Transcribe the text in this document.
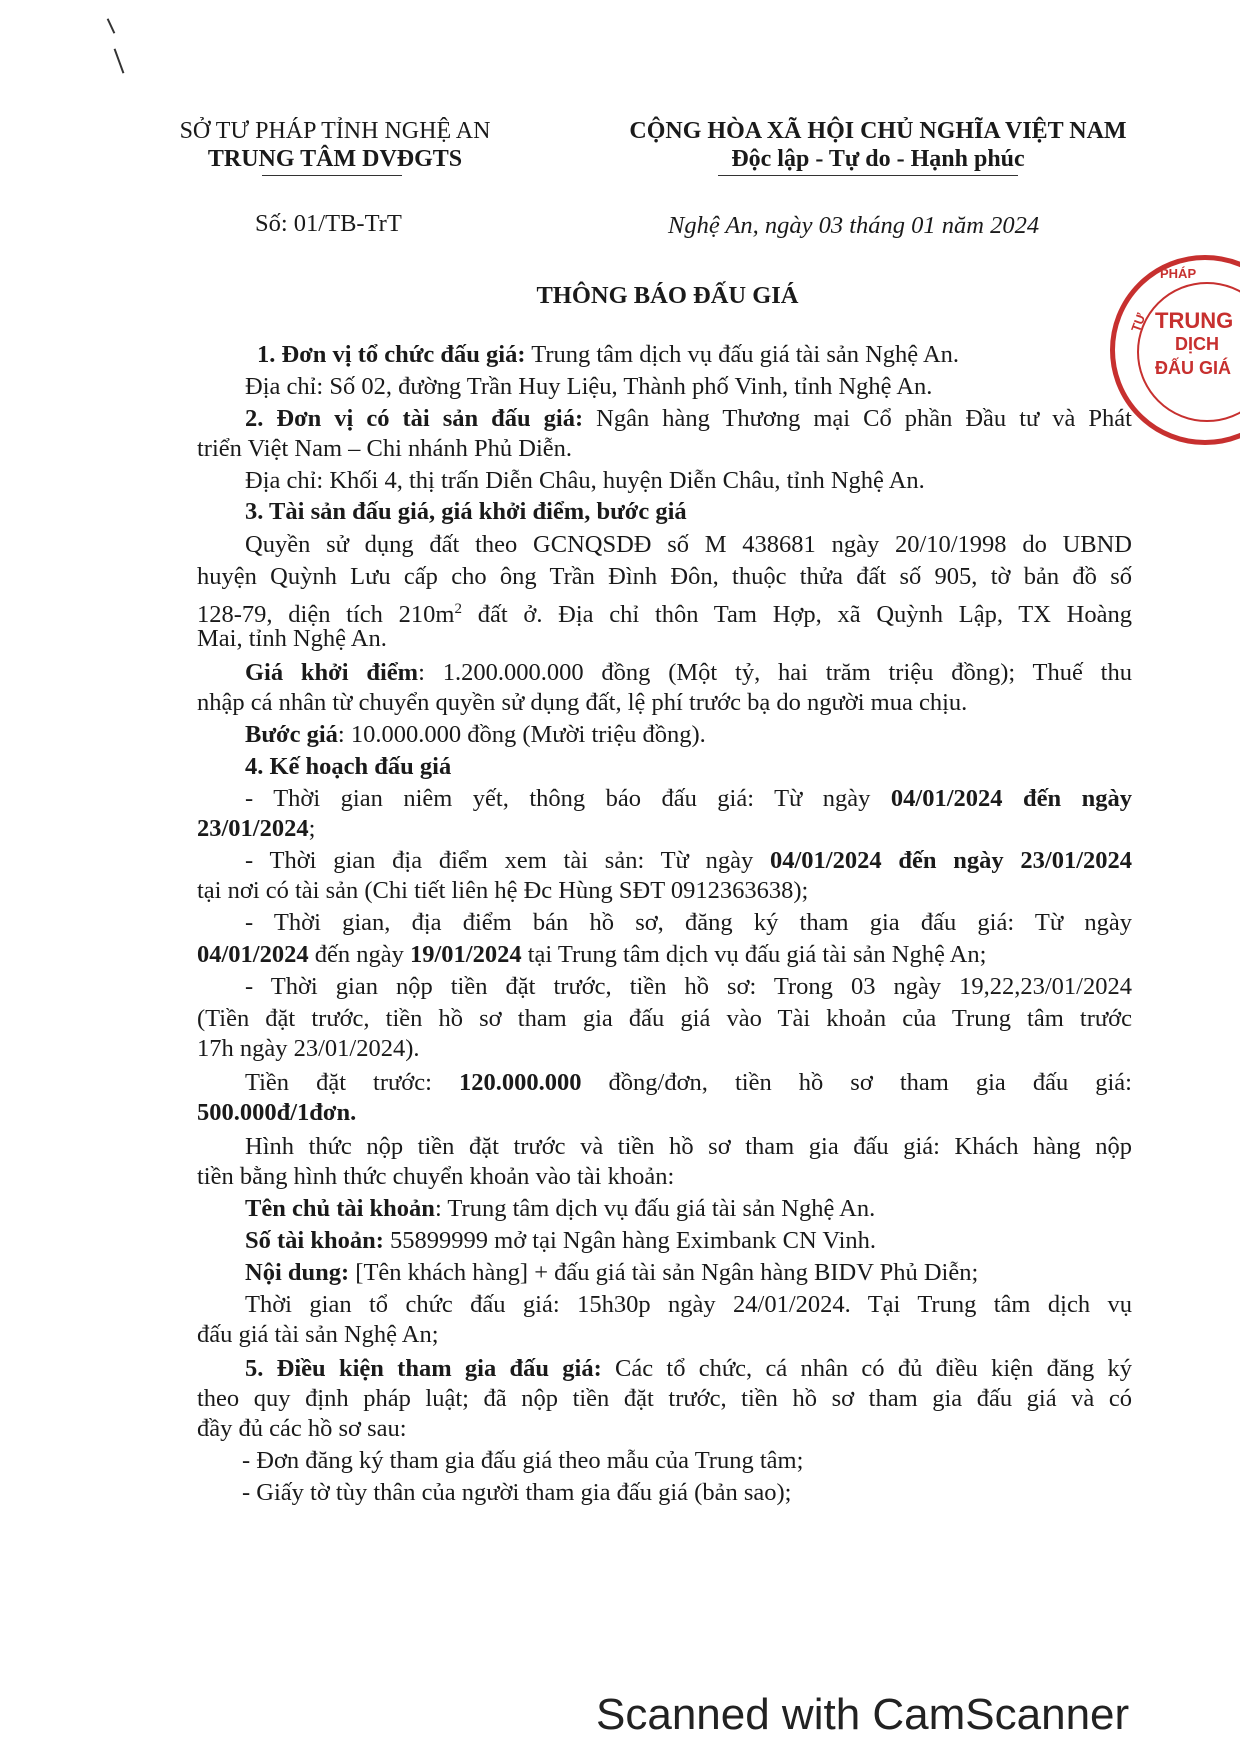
SỞ TƯ PHÁP TỈNH NGHỆ AN
TRUNG TÂM DVĐGTS
CỘNG HÒA XÃ HỘI CHỦ NGHĨA VIỆT NAM
Độc lập - Tự do - Hạnh phúc
Số: 01/TB-TrT	Nghệ An, ngày 03 tháng 01 năm 2024
THÔNG BÁO ĐẤU GIÁ
PHÁP
TƯ TRUNG
DỊCH
ĐẤU GIÁ
1. Đơn vị tổ chức đấu giá: Trung tâm dịch vụ đấu giá tài sản Nghệ An.
Địa chỉ: Số 02, đường Trần Huy Liệu, Thành phố Vinh, tỉnh Nghệ An.
2. Đơn vị có tài sản đấu giá: Ngân hàng Thương mại Cổ phần Đầu tư và Phát
triển Việt Nam – Chi nhánh Phủ Diễn.
Địa chỉ: Khối 4, thị trấn Diễn Châu, huyện Diễn Châu, tỉnh Nghệ An.
3. Tài sản đấu giá, giá khởi điểm, bước giá
Quyền sử dụng đất theo GCNQSDĐ số M 438681 ngày 20/10/1998 do UBND
huyện Quỳnh Lưu cấp cho ông Trần Đình Đôn, thuộc thửa đất số 905, tờ bản đồ số
128-79, diện tích $210m^2$ đất ở. Địa chỉ thôn Tam Hợp, xã Quỳnh Lập, TX Hoàng
Mai, tỉnh Nghệ An.
Giá khởi điểm: 1.200.000.000 đồng (Một tỷ, hai trăm triệu đồng); Thuế thu
nhập cá nhân từ chuyển quyền sử dụng đất, lệ phí trước bạ do người mua chịu.
Bước giá: 10.000.000 đồng (Mười triệu đồng).
4. Kế hoạch đấu giá
- Thời gian niêm yết, thông báo đấu giá: Từ ngày 04/01/2024 đến ngày
23/01/2024;
- Thời gian địa điểm xem tài sản: Từ ngày 04/01/2024 đến ngày 23/01/2024
tại nơi có tài sản (Chi tiết liên hệ Đc Hùng SĐT 0912363638);
- Thời gian, địa điểm bán hồ sơ, đăng ký tham gia đấu giá: Từ ngày
04/01/2024 đến ngày 19/01/2024 tại Trung tâm dịch vụ đấu giá tài sản Nghệ An;
- Thời gian nộp tiền đặt trước, tiền hồ sơ: Trong 03 ngày 19,22,23/01/2024
(Tiền đặt trước, tiền hồ sơ tham gia đấu giá vào Tài khoản của Trung tâm trước
17h ngày 23/01/2024).
Tiền đặt trước: 120.000.000 đồng/đơn, tiền hồ sơ tham gia đấu giá:
500.000đ/1đơn.
Hình thức nộp tiền đặt trước và tiền hồ sơ tham gia đấu giá: Khách hàng nộp
tiền bằng hình thức chuyển khoản vào tài khoản:
Tên chủ tài khoản: Trung tâm dịch vụ đấu giá tài sản Nghệ An.
Số tài khoản: 55899999 mở tại Ngân hàng Eximbank CN Vinh.
Nội dung: [Tên khách hàng] + đấu giá tài sản Ngân hàng BIDV Phủ Diễn;
Thời gian tổ chức đấu giá: 15h30p ngày 24/01/2024. Tại Trung tâm dịch vụ
đấu giá tài sản Nghệ An;
5. Điều kiện tham gia đấu giá: Các tổ chức, cá nhân có đủ điều kiện đăng ký
theo quy định pháp luật; đã nộp tiền đặt trước, tiền hồ sơ tham gia đấu giá và có
đầy đủ các hồ sơ sau:
- Đơn đăng ký tham gia đấu giá theo mẫu của Trung tâm;
- Giấy tờ tùy thân của người tham gia đấu giá (bản sao);
Scanned with CamScanner
